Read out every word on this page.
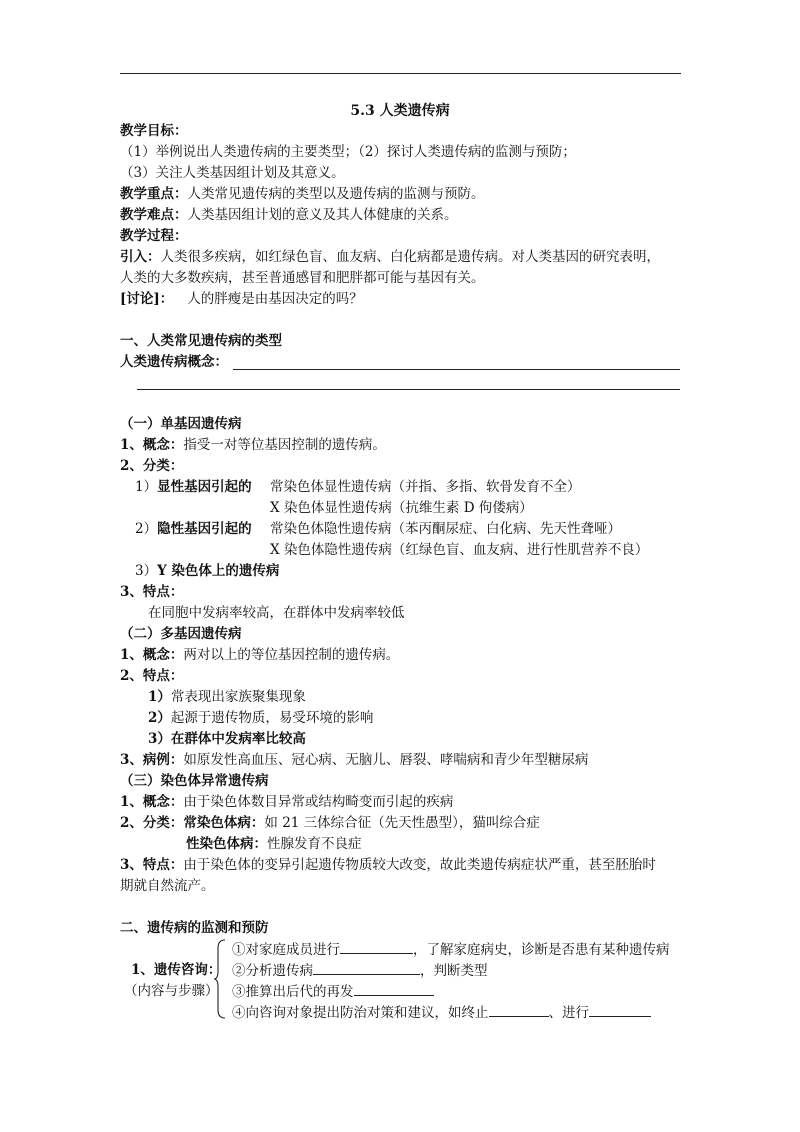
5.3 人类遗传病
教学目标：
（1）举例说出人类遗传病的主要类型；（2）探讨人类遗传病的监测与预防；
（3）关注人类基因组计划及其意义。
教学重点：人类常见遗传病的类型以及遗传病的监测与预防。
教学难点：人类基因组计划的意义及其人体健康的关系。
教学过程：
引入：人类很多疾病，如红绿色盲、血友病、白化病都是遗传病。对人类基因的研究表明，
人类的大多数疾病，甚至普通感冒和肥胖都可能与基因有关。
[讨论]： 人的胖瘦是由基因决定的吗？
一、人类常见遗传病的类型
人类遗传病概念：
（一）单基因遗传病
1、概念：指受一对等位基因控制的遗传病。
2、分类：
1）显性基因引起的 常染色体显性遗传病（并指、多指、软骨发育不全）
X 染色体显性遗传病（抗维生素 D 佝偻病）
2）隐性基因引起的 常染色体隐性遗传病（苯丙酮尿症、白化病、先天性聋哑）
X 染色体隐性遗传病（红绿色盲、血友病、进行性肌营养不良）
3）Y 染色体上的遗传病
3、特点：
在同胞中发病率较高，在群体中发病率较低
（二）多基因遗传病
1、概念：两对以上的等位基因控制的遗传病。
2、特点：
1）常表现出家族聚集现象
2）起源于遗传物质，易受环境的影响
3）在群体中发病率比较高
3、病例：如原发性高血压、冠心病、无脑儿、唇裂、哮喘病和青少年型糖尿病
（三）染色体异常遗传病
1、概念：由于染色体数目异常或结构畸变而引起的疾病
2、分类：常染色体病：如 21 三体综合征（先天性愚型），猫叫综合症
性染色体病：性腺发育不良症
3、特点：由于染色体的变异引起遗传物质较大改变，故此类遗传病症状严重，甚至胚胎时
期就自然流产。
二、遗传病的监测和预防
1、遗传咨询：
（内容与步骤）
①对家庭成员进行	，了解家庭病史，诊断是否患有某种遗传病
②分析遗传病	，判断类型
③推算出后代的再发
④向咨询对象提出防治对策和建议，如终止	、进行
